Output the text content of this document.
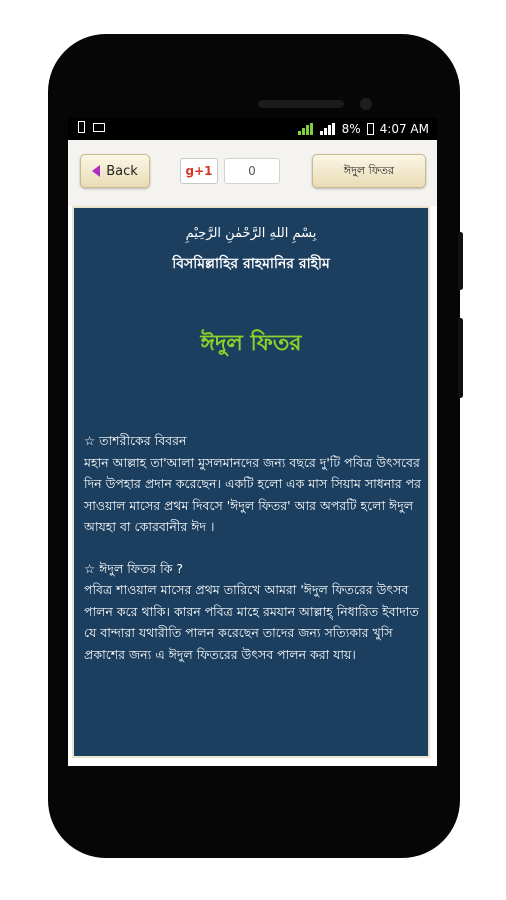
8% 4:07 AM
Back	g+1	0	ঈদুল ফিতর
بِسْمِ اللهِ الرَّحْمٰنِ الرَّحِيْمِ
বিসমিল্লাহির রাহমানির রাহীম
ঈদুল ফিতর

☆ তাশরীকের বিবরন

মহান আল্লাহ তা'আলা মুসলমানদের জন্য বছরে দু'টি পবিত্র উৎসবের দিন উপহার প্রদান করেছেন। একটি হলো এক মাস সিয়াম সাধনার পর সাওয়াল মাসের প্রথম দিবসে 'ঈদুল ফিতর' আর অপরটি হলো ঈদুল আযহা বা কোরবানীর ঈদ ।

☆ ঈদুল ফিতর কি ?

পবিত্র শাওয়াল মাসের প্রথম তারিখে আমরা 'ঈদুল ফিতরের উৎসব পালন করে থাকি। কারন পবিত্র মাহে রমযান আল্লাহ্‌ নিধারিত ইবাদাত যে বান্দারা যথারীতি পালন করেছেন তাদের জন্য সত্যিকার খুসি প্রকাশের জন্য এ ঈদুল ফিতরের উৎসব পালন করা যায়।
